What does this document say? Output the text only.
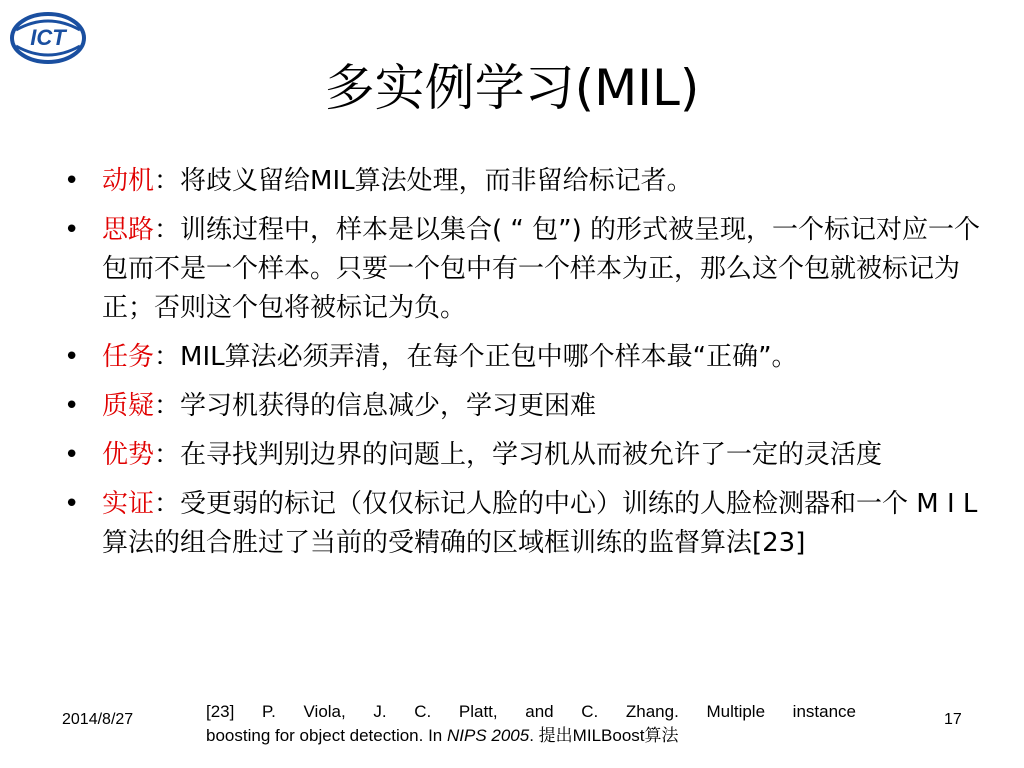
ICT
多实例学习(MIL)
• 动机：将歧义留给MIL算法处理，而非留给标记者。
• 思路：训练过程中，样本是以集合( “ 包”) 的形式被呈现，一个标记对应一个包而不是一个样本。只要一个包中有一个样本为正，那么这个包就被标记为正；否则这个包将被标记为负。
• 任务：MIL算法必须弄清，在每个正包中哪个样本最“正确”。
• 质疑：学习机获得的信息减少，学习更困难
• 优势：在寻找判别边界的问题上，学习机从而被允许了一定的灵活度
• 实证：受更弱的标记（仅仅标记人脸的中心）训练的人脸检测器和一个 M I L 算法的组合胜过了当前的受精确的区域框训练的监督算法[23]
2014/8/27	[23] P. Viola, J. C. Platt, and C. Zhang. Multiple instance
boosting for object detection. In NIPS 2005. 提出MILBoost算法
17
